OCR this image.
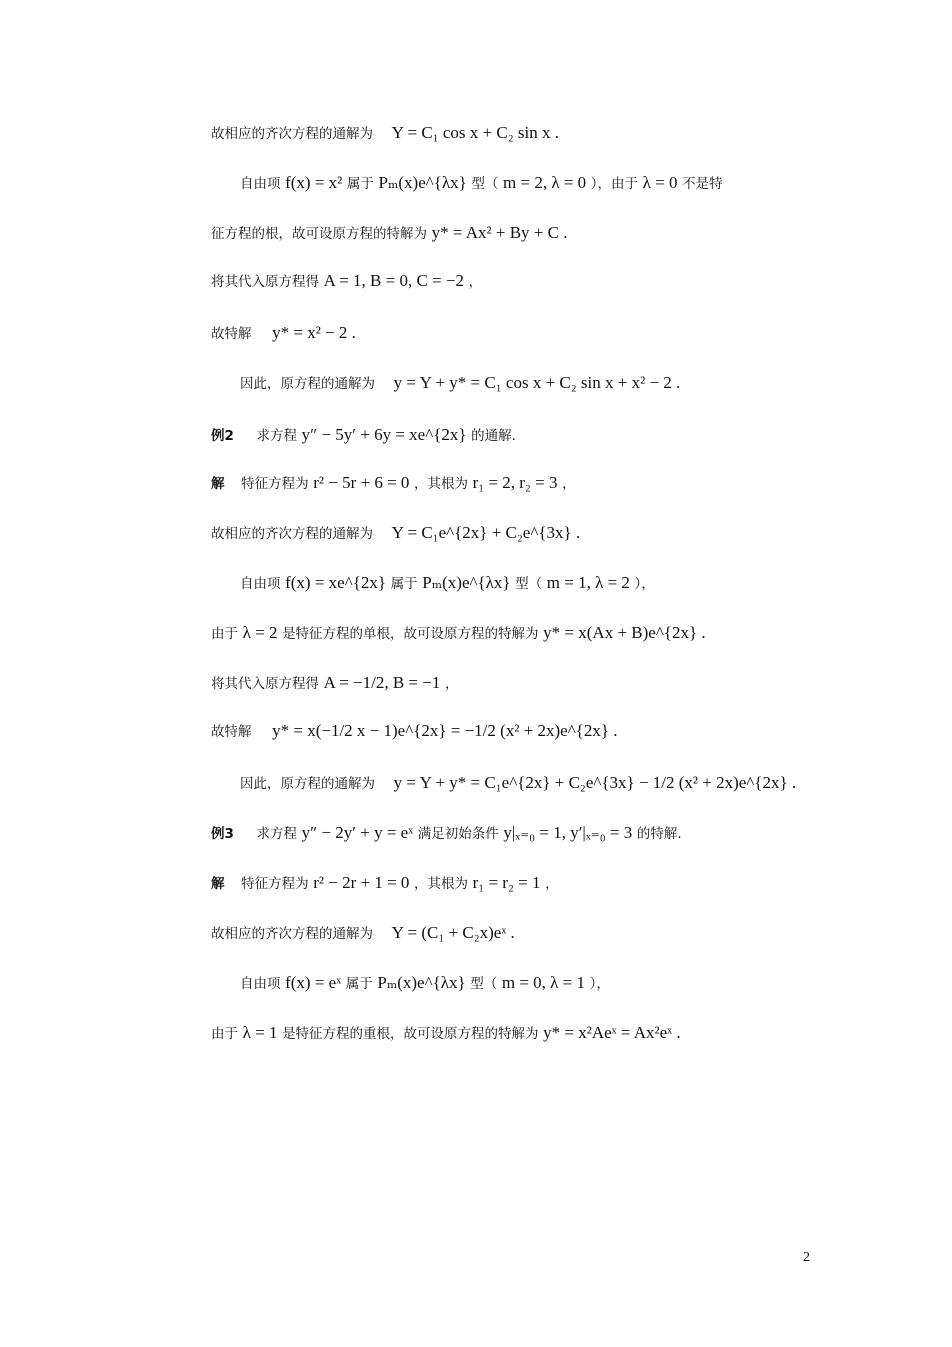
故相应的齐次方程的通解为 Y = C₁ cos x + C₂ sin x .
自由项 f(x) = x² 属于 Pₘ(x)e^{λx} 型（ m = 2, λ = 0 ），由于 λ = 0 不是特
征方程的根，故可设原方程的特解为 y* = Ax² + By + C .
将其代入原方程得 A = 1, B = 0, C = −2 ，
故特解 y* = x² − 2 .
因此，原方程的通解为 y = Y + y* = C₁ cos x + C₂ sin x + x² − 2 .
例2 求方程 y″ − 5y′ + 6y = xe^{2x} 的通解．
解 特征方程为 r² − 5r + 6 = 0 ，其根为 r₁ = 2, r₂ = 3 ，
故相应的齐次方程的通解为 Y = C₁e^{2x} + C₂e^{3x} .
自由项 f(x) = xe^{2x} 属于 Pₘ(x)e^{λx} 型（ m = 1, λ = 2 ），
由于 λ = 2 是特征方程的单根，故可设原方程的特解为 y* = x(Ax + B)e^{2x} .
将其代入原方程得 A = −1/2, B = −1 ，
故特解 y* = x(−1/2 x − 1)e^{2x} = −1/2 (x² + 2x)e^{2x} .
因此，原方程的通解为 y = Y + y* = C₁e^{2x} + C₂e^{3x} − 1/2 (x² + 2x)e^{2x} .
例3 求方程 y″ − 2y′ + y = eˣ 满足初始条件 y|ₓ₌₀ = 1, y′|ₓ₌₀ = 3 的特解．
解 特征方程为 r² − 2r + 1 = 0 ，其根为 r₁ = r₂ = 1 ，
故相应的齐次方程的通解为 Y = (C₁ + C₂x)eˣ .
自由项 f(x) = eˣ 属于 Pₘ(x)e^{λx} 型（ m = 0, λ = 1 ），
由于 λ = 1 是特征方程的重根，故可设原方程的特解为 y* = x²Aeˣ = Ax²eˣ .
2
